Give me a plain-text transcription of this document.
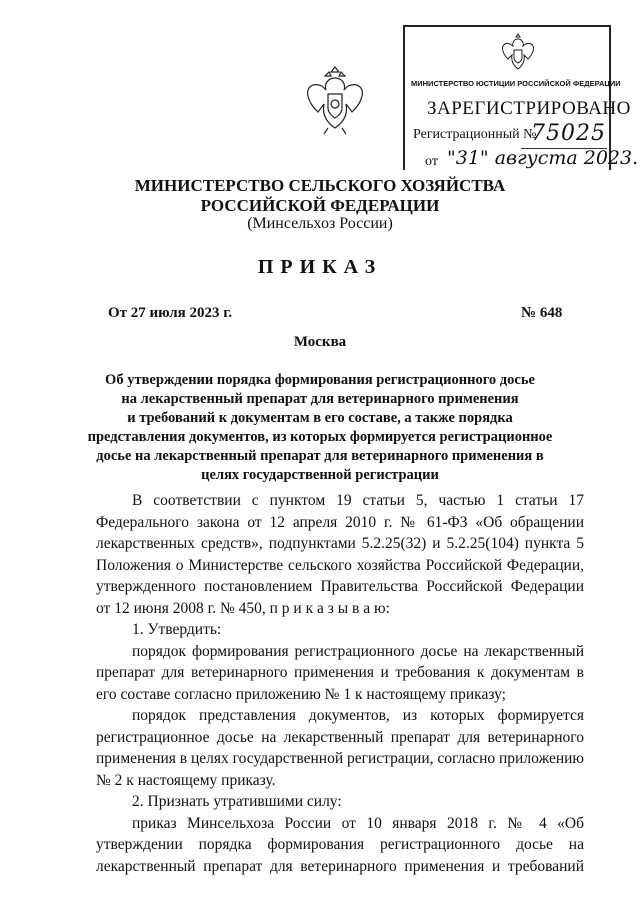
МИНИСТЕРСТВО ЮСТИЦИИ РОССИЙСКОЙ ФЕДЕРАЦИИ
ЗАРЕГИСТРИРОВАНО
Регистрационный №
75025
от "31" августа 2023.
МИНИСТЕРСТВО СЕЛЬСКОГО ХОЗЯЙСТВА
РОССИЙСКОЙ ФЕДЕРАЦИИ
(Минсельхоз России)
ПРИКАЗ
От 27 июля 2023 г.	№ 648
Москва
Об утверждении порядка формирования регистрационного досье
на лекарственный препарат для ветеринарного применения
и требований к документам в его составе, а также порядка
представления документов, из которых формируется регистрационное
досье на лекарственный препарат для ветеринарного применения в
целях государственной регистрации

В соответствии с пунктом 19 статьи 5, частью 1 статьи 17 Федерального закона от 12 апреля 2010 г. № 61-ФЗ «Об обращении лекарственных средств», подпунктами 5.2.25(32) и 5.2.25(104) пункта 5 Положения о Министерстве сельского хозяйства Российской Федерации, утвержденного постановлением Правительства Российской Федерации от 12 июня 2008 г. № 450, п р и к а з ы в а ю:

1. Утвердить:

порядок формирования регистрационного досье на лекарственный препарат для ветеринарного применения и требования к документам в его составе согласно приложению № 1 к настоящему приказу;

порядок представления документов, из которых формируется регистрационное досье на лекарственный препарат для ветеринарного применения в целях государственной регистрации, согласно приложению № 2 к настоящему приказу.

2. Признать утратившими силу:

приказ Минсельхоза России от 10 января 2018 г. № 4 «Об утверждении порядка формирования регистрационного досье на лекарственный препарат для ветеринарного применения и требований
